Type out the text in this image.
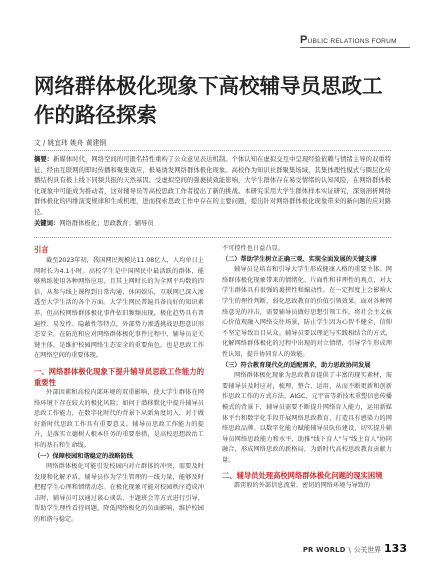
PUBLIC RELATIONS FORUM
网络群体极化现象下高校辅导员思政工作的路径探索
文 / 姚宜玮 姚舟 黄建钢
摘要：新媒体时代，网络空间的可匿名特性重构了公众意见表达机制。个体认知在虚拟交互中呈现经验依赖与情绪主导的双重特征，经由互联网的即时传播和聚集效应，极易诱发网络群体极化现象。高校作为知识社群聚集场域，其集体理性模式与圈层化传播结构具有极上线下同频共振的天然基因。受虚拟空间的强裹挟效能影响，大学生群体存在易受情绪的认知风险，在网络群体极化现象中可能成为推动者，这对辅导员等高校思政工作者提出了新的挑战。本研究采用大学生群体样本实证研究，深刻剖析网络群体极化的四维演变规律和生成机理，进而探索思政工作中存在的主要问题，提出针对网络群体极化现象带来的新问题的应对路径。
关键词：网络群体极化；思政教育；辅导员
引言

截至2023年初，我国网民规模达11.08亿人，人均单日上网时长为4.1小时。高校学生是中国网民中最活跃的群体，能够熟练使用各种网络应用，且其上网时长的为全网平均数的四倍，从参与线上课程到日常沟通、休闲娱乐，互联网已深入渗透至大学生活的各个方面。大学生网民普遍具备良好的知识素养，但高校网络群体极化事件依旧频频出现，极化趋势具有普遍性、易发性、隐蔽性等特点，外部势力渗透挑战思想意识形态安全，在防范和应对网络群体极化事件过程中，辅导员是关键主体，是维护校园网络生态安全的重要角色，也是思政工作在网络空间的重要体现。

一、网络群体极化现象下提升辅导员思政工作能力的重要性

外部因素和高校内部环境的双重影响，使大学生群体在网络环境下存在较大的极化风险。如何于潜移默化中提升辅导员思政工作能力，在数字化时代的背景下从新角度切入，对于做好新时代思政工作具有重要意义。辅导员思政工作能力的提升，是落实立德树人根本任务的重要举措，是高校思想政治工作的基石和生命线。

（一）保障校园和谐稳定的战略防线

网络群体极化可能引发校园内对立群体的冲突，需要及时发现和化解矛盾。辅导员作为学生管理的一线力量，能够及时把握学生心理和情绪动态。在极化现象可能对校园秩序造成冲击时，辅导员可以通过谈心谈话、主题班会等方式进行引导，帮助学生理性看待问题，降低网络极化的负面影响，维护校园的和谐与稳定。

不可控性也日益凸显。

（二）帮助学生树立正确三观、实现全面发展的关键支撑

辅导员是培育和引导大学生形成健康人格的重要主体。网络群体极化现象带来的情绪化、片面性和非理性的观点，对大学生群体具有很强的裹挟性和煽动性。在一定程度上会影响大学生的理性判断，弱化思政教育的价值引领效果。面对各种网络意见的冲击，需要辅导员做好思想引领工作，将社会主义核心价值观融入网络交往场景，防止学生因为心智不健全、信仰不坚定导致盲目从众。辅导员要以理论与实践相结合的方式，化解网络群体极化的过程中出现的对立情绪，引导学生形成理性认知，提升协同育人的效能。

（三）符合教育现代化的适配需求，助力思政协同发展

网络群体极化现象为思政教育提供了丰富的现实素材，需要辅导员及时应对，梳理、整合、运用，从而不断更新和创新作思政工作的方式方法。AIGC、元宇宙等新技术重塑信息传播模式的背景下，辅导员需要不断提升网络育人能力，运用新媒体平台和数字化手段开展网络思政教育，打造具有感染力的网络思政品牌。以数字化能力赋能辅导员队伍建设，切实提升辅导员网络思政能力和水平，助推"线下育人"与"线上育人"协同融合，形成网络思政的新格局，为新时代高校思政教育贡献力量。

二、辅导员处理高校网络群体极化问题的现实困境

霹雳般的外部信息流量、密切的网络环境与导致的

PR WORLD \ 公关世界 133
